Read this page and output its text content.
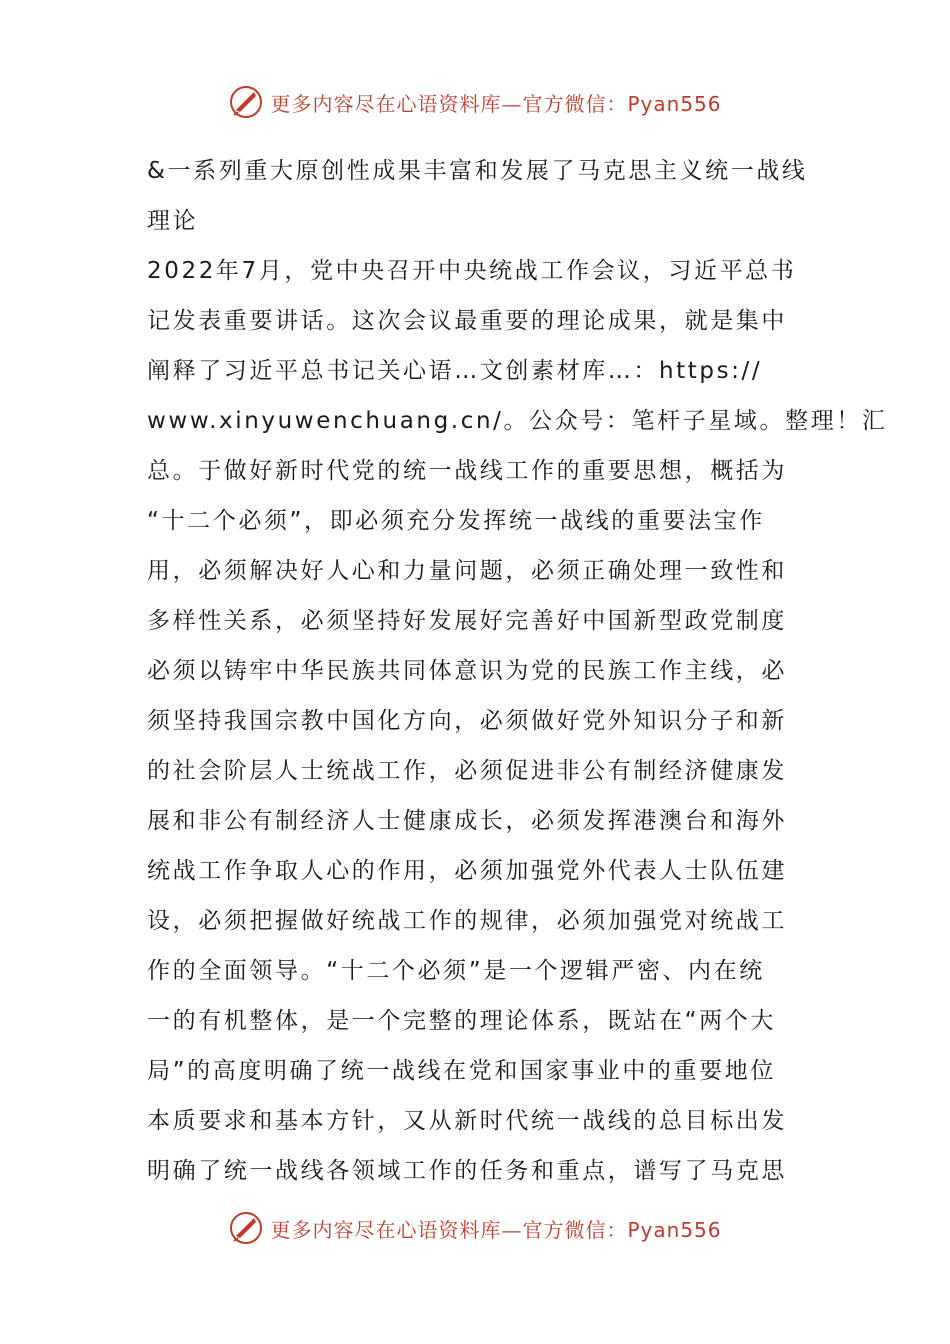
更多内容尽在心语资料库—官方微信：Pyan556
&一系列重大原创性成果丰富和发展了马克思主义统一战线
理论
2022年7月，党中央召开中央统战工作会议，习近平总书
记发表重要讲话。这次会议最重要的理论成果，就是集中
阐释了习近平总书记关心语…文创素材库…：https://
www.xinyuwenchuang.cn/。公众号：笔杆子星域。整理！汇
总。于做好新时代党的统一战线工作的重要思想，概括为
“十二个必须”，即必须充分发挥统一战线的重要法宝作
用，必须解决好人心和力量问题，必须正确处理一致性和
多样性关系，必须坚持好发展好完善好中国新型政党制度
必须以铸牢中华民族共同体意识为党的民族工作主线，必
须坚持我国宗教中国化方向，必须做好党外知识分子和新
的社会阶层人士统战工作，必须促进非公有制经济健康发
展和非公有制经济人士健康成长，必须发挥港澳台和海外
统战工作争取人心的作用，必须加强党外代表人士队伍建
设，必须把握做好统战工作的规律，必须加强党对统战工
作的全面领导。“十二个必须”是一个逻辑严密、内在统
一的有机整体，是一个完整的理论体系，既站在“两个大
局”的高度明确了统一战线在党和国家事业中的重要地位
本质要求和基本方针，又从新时代统一战线的总目标出发
明确了统一战线各领域工作的任务和重点，谱写了马克思
更多内容尽在心语资料库—官方微信：Pyan556
